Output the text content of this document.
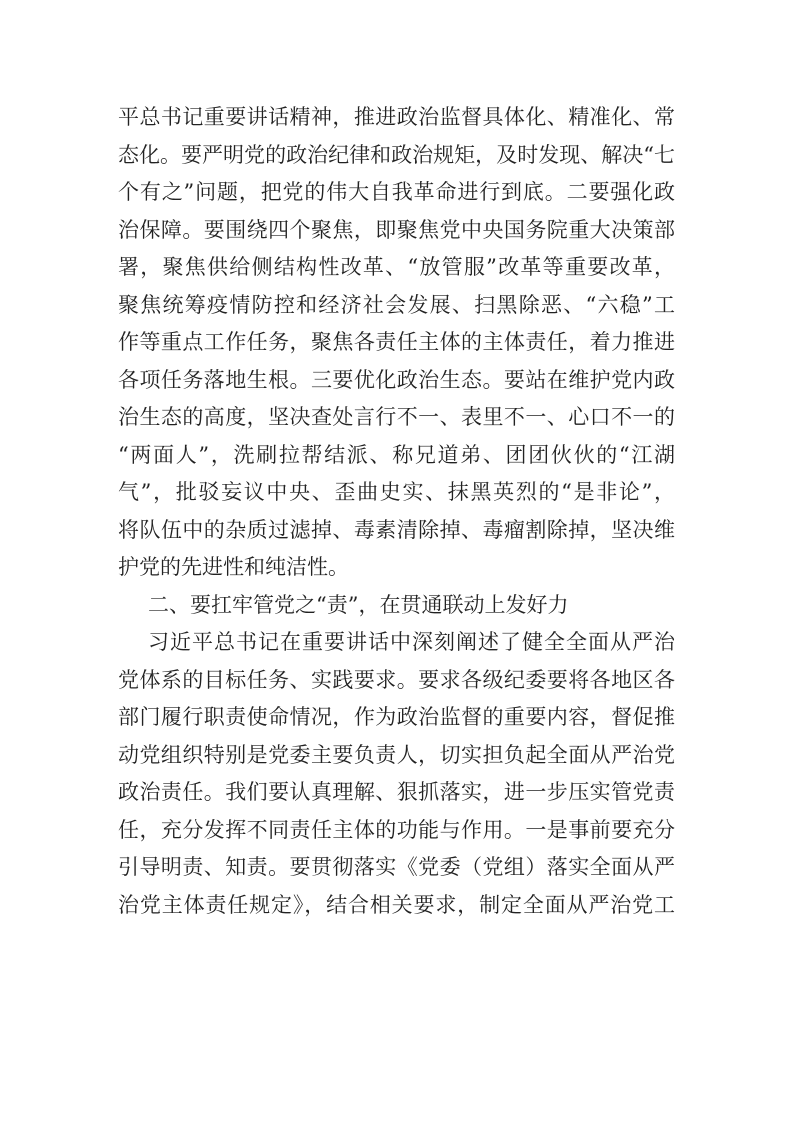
平总书记重要讲话精神，推进政治监督具体化、精准化、常
态化。要严明党的政治纪律和政治规矩，及时发现、解决“七
个有之”问题，把党的伟大自我革命进行到底。二要强化政
治保障。要围绕四个聚焦，即聚焦党中央国务院重大决策部
署，聚焦供给侧结构性改革、“放管服”改革等重要改革，
聚焦统筹疫情防控和经济社会发展、扫黑除恶、“六稳”工
作等重点工作任务，聚焦各责任主体的主体责任，着力推进
各项任务落地生根。三要优化政治生态。要站在维护党内政
治生态的高度，坚决查处言行不一、表里不一、心口不一的
“两面人”，洗刷拉帮结派、称兄道弟、团团伙伙的“江湖
气”，批驳妄议中央、歪曲史实、抹黑英烈的“是非论”，
将队伍中的杂质过滤掉、毒素清除掉、毒瘤割除掉，坚决维
护党的先进性和纯洁性。
二、要扛牢管党之“责”，在贯通联动上发好力
习近平总书记在重要讲话中深刻阐述了健全全面从严治
党体系的目标任务、实践要求。要求各级纪委要将各地区各
部门履行职责使命情况，作为政治监督的重要内容，督促推
动党组织特别是党委主要负责人，切实担负起全面从严治党
政治责任。我们要认真理解、狠抓落实，进一步压实管党责
任，充分发挥不同责任主体的功能与作用。一是事前要充分
引导明责、知责。要贯彻落实《党委（党组）落实全面从严
治党主体责任规定》，结合相关要求，制定全面从严治党工
